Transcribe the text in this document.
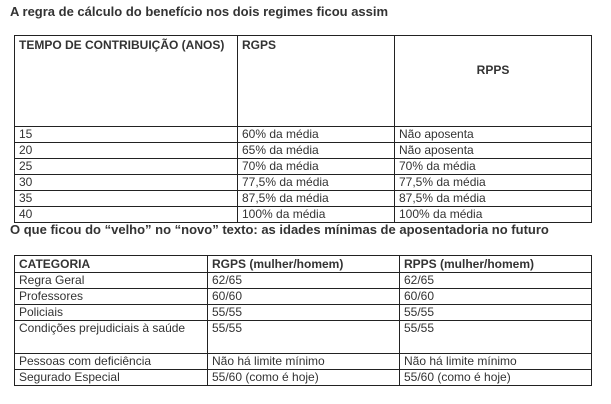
A regra de cálculo do benefício nos dois regimes ficou assim
TEMPO DE CONTRIBUIÇÃO (ANOS)	RGPS	RPPS
15	60% da média	Não aposenta
20	65% da média	Não aposenta
25	70% da média	70% da média
30	77,5% da média	77,5% da média
35	87,5% da média	87,5% da média
40	100% da média	100% da média
O que ficou do “velho” no “novo” texto: as idades mínimas de aposentadoria no futuro
CATEGORIA	RGPS (mulher/homem)	RPPS (mulher/homem)
Regra Geral	62/65	62/65
Professores	60/60	60/60
Policiais	55/55	55/55
Condições prejudiciais à saúde	55/55	55/55
Pessoas com deficiência	Não há limite mínimo	Não há limite mínimo
Segurado Especial	55/60 (como é hoje)	55/60 (como é hoje)
